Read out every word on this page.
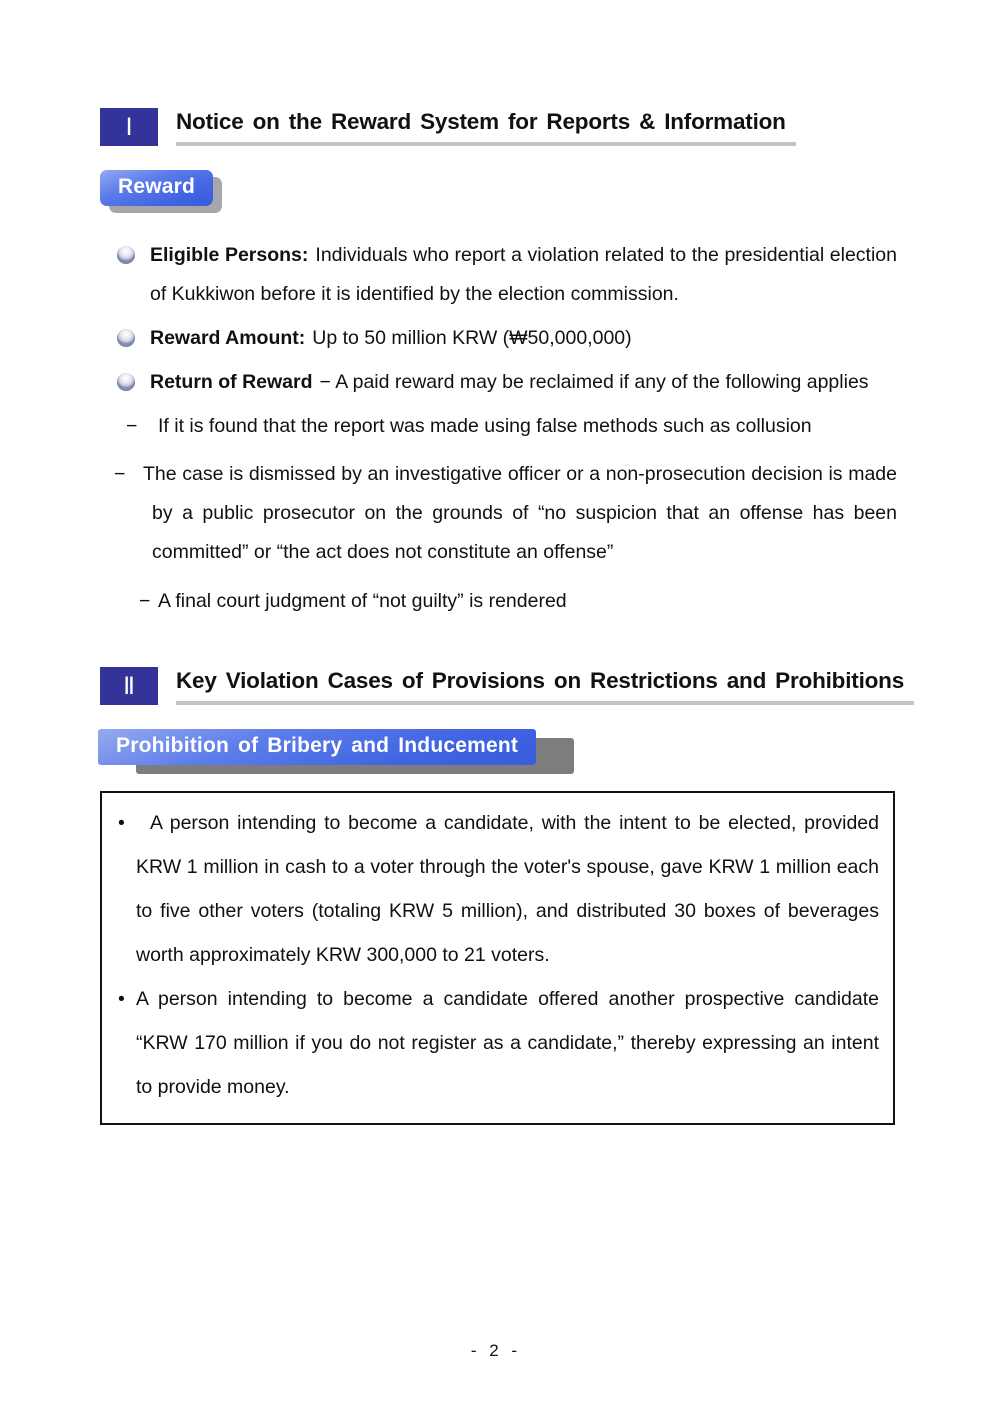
Ⅰ	Notice on the Reward System for Reports & Information
Reward
Eligible Persons: Individuals who report a violation related to the presidential election of Kukkiwon before it is identified by the election commission.
Reward Amount: Up to 50 million KRW (₩50,000,000)
Return of Reward − A paid reward may be reclaimed if any of the following applies
− If it is found that the report was made using false methods such as collusion
− The case is dismissed by an investigative officer or a non-prosecution decision is made by a public prosecutor on the grounds of “no suspicion that an offense has been committed” or “the act does not constitute an offense”
− A final court judgment of “not guilty” is rendered
Ⅱ	Key Violation Cases of Provisions on Restrictions and Prohibitions
Prohibition of Bribery and Inducement
• A person intending to become a candidate, with the intent to be elected, provided KRW 1 million in cash to a voter through the voter's spouse, gave KRW 1 million each to five other voters (totaling KRW 5 million), and distributed 30 boxes of beverages worth approximately KRW 300,000 to 21 voters.
• A person intending to become a candidate offered another prospective candidate “KRW 170 million if you do not register as a candidate,” thereby expressing an intent to provide money.
- 2 -
